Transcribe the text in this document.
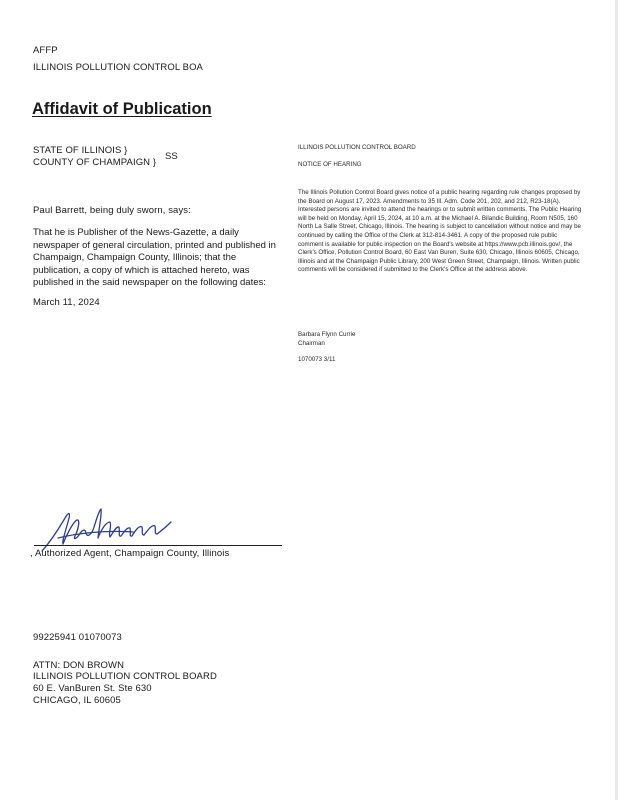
AFFP
ILLINOIS POLLUTION CONTROL BOA
Affidavit of Publication
STATE OF ILLINOIS }
COUNTY OF CHAMPAIGN }
SS
Paul Barrett, being duly sworn, says:
That he is Publisher of the News-Gazette, a daily newspaper of general circulation, printed and published in Champaign, Champaign County, Illinois; that the publication, a copy of which is attached hereto, was published in the said newspaper on the following dates:
March 11, 2024
, Authorized Agent, Champaign County, Illinois
99225941 01070073
ATTN: DON BROWN
ILLINOIS POLLUTION CONTROL BOARD
60 E. VanBuren St. Ste 630
CHICAGO, IL 60605
ILLINOIS POLLUTION CONTROL BOARD
NOTICE OF HEARING
The Illinois Pollution Control Board gives notice of a public hearing regarding rule changes proposed by the Board on August 17, 2023. Amendments to 35 Ill. Adm. Code 201, 202, and 212, R23-18(A). Interested persons are invited to attend the hearings or to submit written comments. The Public Hearing will be held on Monday, April 15, 2024, at 10 a.m. at the Michael A. Bilandic Building, Room N505, 160 North La Salle Street, Chicago, Illinois. The hearing is subject to cancellation without notice and may be continued by calling the Office of the Clerk at 312-814-3461. A copy of the proposed rule public comment is available for public inspection on the Board's website at https://www.pcb.illinois.gov/, the Clerk's Office, Pollution Control Board, 60 East Van Buren, Suite 630, Chicago, Illinois 60605, Chicago, Illinois and at the Champaign Public Library, 200 West Green Street, Champaign, Illinois. Written public comments will be considered if submitted to the Clerk's Office at the address above.
Barbara Flynn Currie
Chairman
1070073 3/11
